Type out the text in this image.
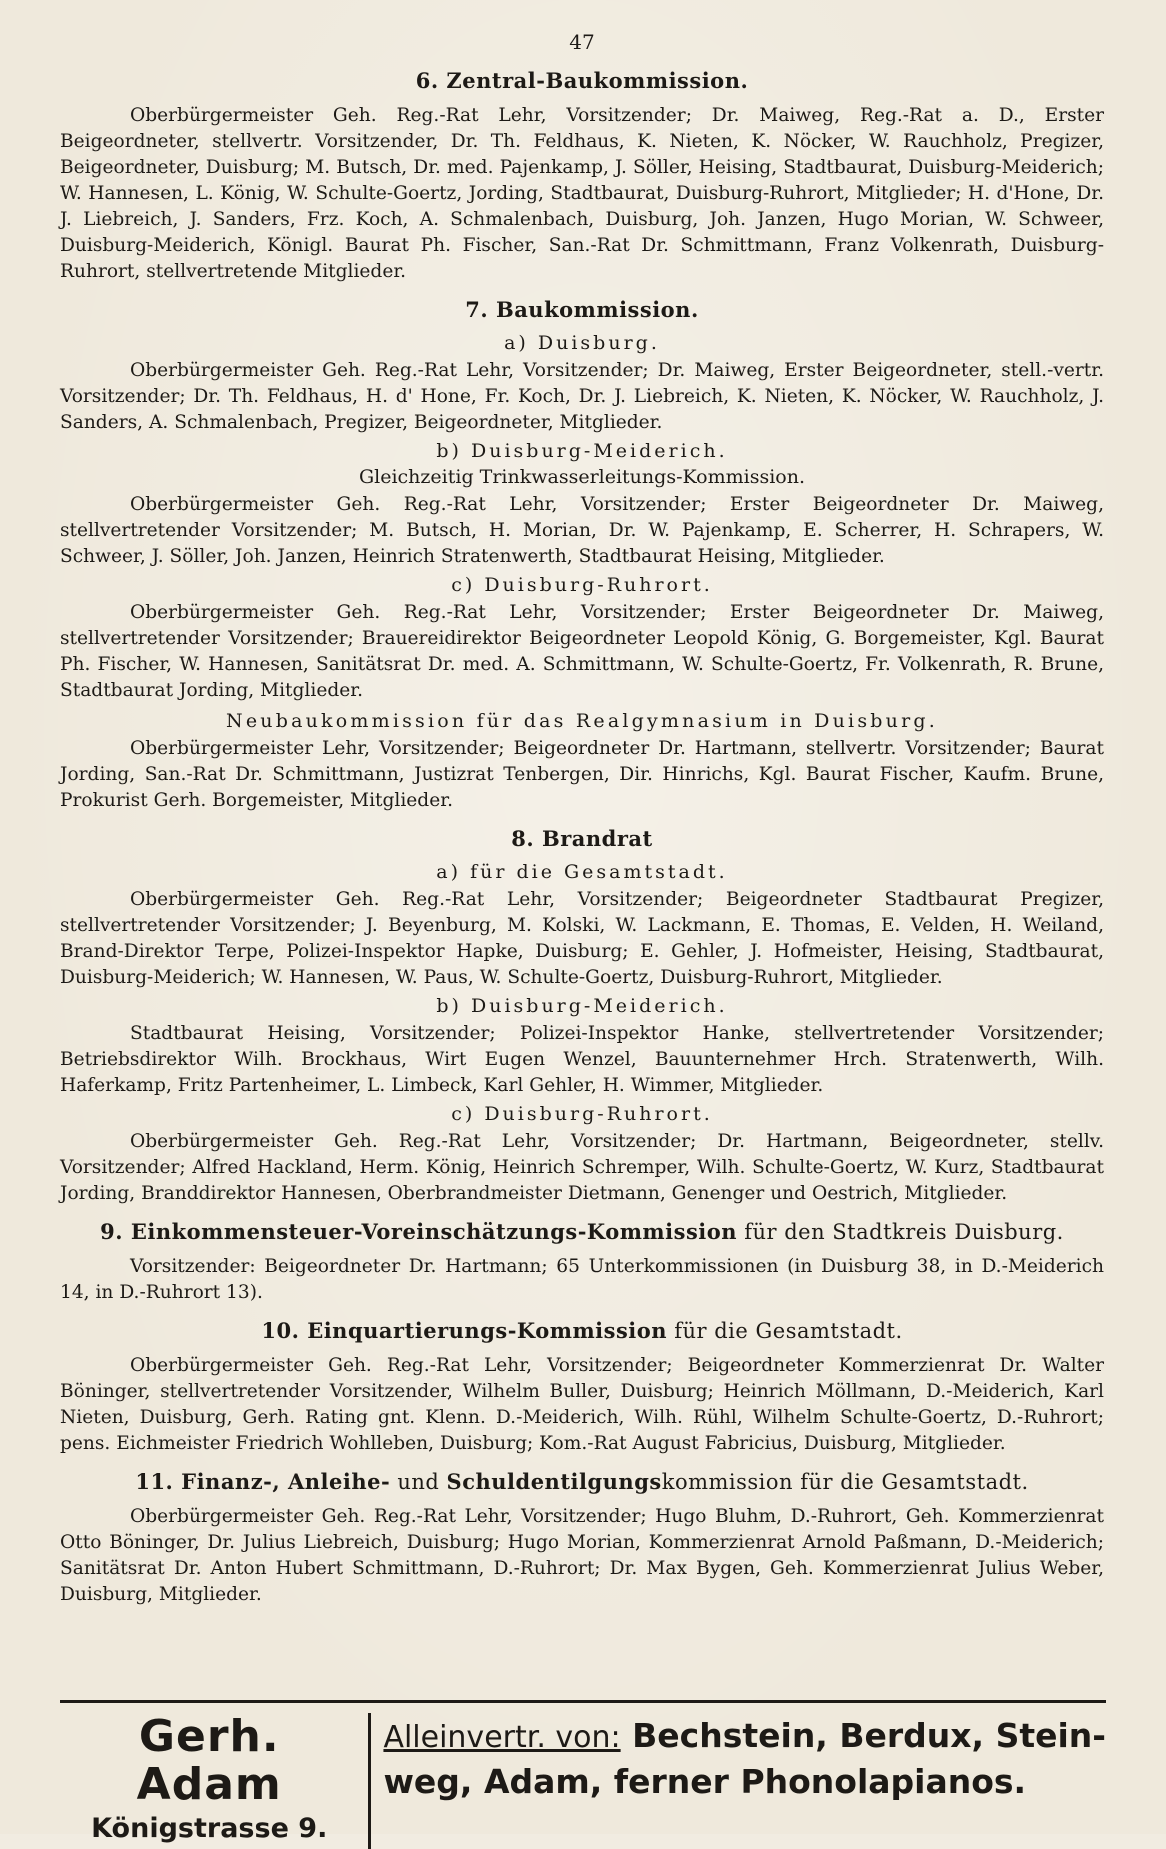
47
6. Zentral-Baukommission.

Oberbürgermeister Geh. Reg.-Rat Lehr, Vorsitzender; Dr. Maiweg, Reg.-Rat a. D., Erster Beigeordneter, stellvertr. Vorsitzender, Dr. Th. Feldhaus, K. Nieten, K. Nöcker, W. Rauchholz, Pregizer, Beigeordneter, Duisburg; M. Butsch, Dr. med. Pajenkamp, J. Söller, Heising, Stadtbaurat, Duisburg-Meiderich; W. Hannesen, L. König, W. Schulte-Goertz, Jording, Stadtbaurat, Duisburg-Ruhrort, Mitglieder; H. d'Hone, Dr. J. Liebreich, J. Sanders, Frz. Koch, A. Schmalenbach, Duisburg, Joh. Janzen, Hugo Morian, W. Schweer, Duisburg-Meiderich, Königl. Baurat Ph. Fischer, San.-Rat Dr. Schmittmann, Franz Volkenrath, Duisburg-Ruhrort, stellvertretende Mitglieder.

7. Baukommission.
a) Duisburg.

Oberbürgermeister Geh. Reg.-Rat Lehr, Vorsitzender; Dr. Maiweg, Erster Beigeordneter, stell.-vertr. Vorsitzender; Dr. Th. Feldhaus, H. d' Hone, Fr. Koch, Dr. J. Liebreich, K. Nieten, K. Nöcker, W. Rauchholz, J. Sanders, A. Schmalenbach, Pregizer, Beigeordneter, Mitglieder.

b) Duisburg-Meiderich.
Gleichzeitig Trinkwasserleitungs-Kommission.

Oberbürgermeister Geh. Reg.-Rat Lehr, Vorsitzender; Erster Beigeordneter Dr. Maiweg, stellvertretender Vorsitzender; M. Butsch, H. Morian, Dr. W. Pajenkamp, E. Scherrer, H. Schrapers, W. Schweer, J. Söller, Joh. Janzen, Heinrich Stratenwerth, Stadtbaurat Heising, Mitglieder.

c) Duisburg-Ruhrort.

Oberbürgermeister Geh. Reg.-Rat Lehr, Vorsitzender; Erster Beigeordneter Dr. Maiweg, stellvertretender Vorsitzender; Brauereidirektor Beigeordneter Leopold König, G. Borgemeister, Kgl. Baurat Ph. Fischer, W. Hannesen, Sanitätsrat Dr. med. A. Schmittmann, W. Schulte-Goertz, Fr. Volkenrath, R. Brune, Stadtbaurat Jording, Mitglieder.

Neubaukommission für das Realgymnasium in Duisburg.

Oberbürgermeister Lehr, Vorsitzender; Beigeordneter Dr. Hartmann, stellvertr. Vorsitzender; Baurat Jording, San.-Rat Dr. Schmittmann, Justizrat Tenbergen, Dir. Hinrichs, Kgl. Baurat Fischer, Kaufm. Brune, Prokurist Gerh. Borgemeister, Mitglieder.

8. Brandrat
a) für die Gesamtstadt.

Oberbürgermeister Geh. Reg.-Rat Lehr, Vorsitzender; Beigeordneter Stadtbaurat Pregizer, stellvertretender Vorsitzender; J. Beyenburg, M. Kolski, W. Lackmann, E. Thomas, E. Velden, H. Weiland, Brand-Direktor Terpe, Polizei-Inspektor Hapke, Duisburg; E. Gehler, J. Hofmeister, Heising, Stadtbaurat, Duisburg-Meiderich; W. Hannesen, W. Paus, W. Schulte-Goertz, Duisburg-Ruhrort, Mitglieder.

b) Duisburg-Meiderich.

Stadtbaurat Heising, Vorsitzender; Polizei-Inspektor Hanke, stellvertretender Vorsitzender; Betriebsdirektor Wilh. Brockhaus, Wirt Eugen Wenzel, Bauunternehmer Hrch. Stratenwerth, Wilh. Haferkamp, Fritz Partenheimer, L. Limbeck, Karl Gehler, H. Wimmer, Mitglieder.

c) Duisburg-Ruhrort.

Oberbürgermeister Geh. Reg.-Rat Lehr, Vorsitzender; Dr. Hartmann, Beigeordneter, stellv. Vorsitzender; Alfred Hackland, Herm. König, Heinrich Schremper, Wilh. Schulte-Goertz, W. Kurz, Stadtbaurat Jording, Branddirektor Hannesen, Oberbrandmeister Dietmann, Genenger und Oestrich, Mitglieder.

9. Einkommensteuer-Voreinschätzungs-Kommission für den Stadtkreis Duisburg.

Vorsitzender: Beigeordneter Dr. Hartmann; 65 Unterkommissionen (in Duisburg 38, in D.-Meiderich 14, in D.-Ruhrort 13).

10. Einquartierungs-Kommission für die Gesamtstadt.

Oberbürgermeister Geh. Reg.-Rat Lehr, Vorsitzender; Beigeordneter Kommerzienrat Dr. Walter Böninger, stellvertretender Vorsitzender, Wilhelm Buller, Duisburg; Heinrich Möllmann, D.-Meiderich, Karl Nieten, Duisburg, Gerh. Rating gnt. Klenn. D.-Meiderich, Wilh. Rühl, Wilhelm Schulte-Goertz, D.-Ruhrort; pens. Eichmeister Friedrich Wohlleben, Duisburg; Kom.-Rat August Fabricius, Duisburg, Mitglieder.

11. Finanz-, Anleihe- und Schuldentilgungskommission für die Gesamtstadt.

Oberbürgermeister Geh. Reg.-Rat Lehr, Vorsitzender; Hugo Bluhm, D.-Ruhrort, Geh. Kommerzienrat Otto Böninger, Dr. Julius Liebreich, Duisburg; Hugo Morian, Kommerzienrat Arnold Paßmann, D.-Meiderich; Sanitätsrat Dr. Anton Hubert Schmittmann, D.-Ruhrort; Dr. Max Bygen, Geh. Kommerzienrat Julius Weber, Duisburg, Mitglieder.

Gerh. Adam
Königstrasse 9.
Alleinvertr. von: Bechstein, Berdux, Stein-
weg, Adam, ferner Phonolapianos.
